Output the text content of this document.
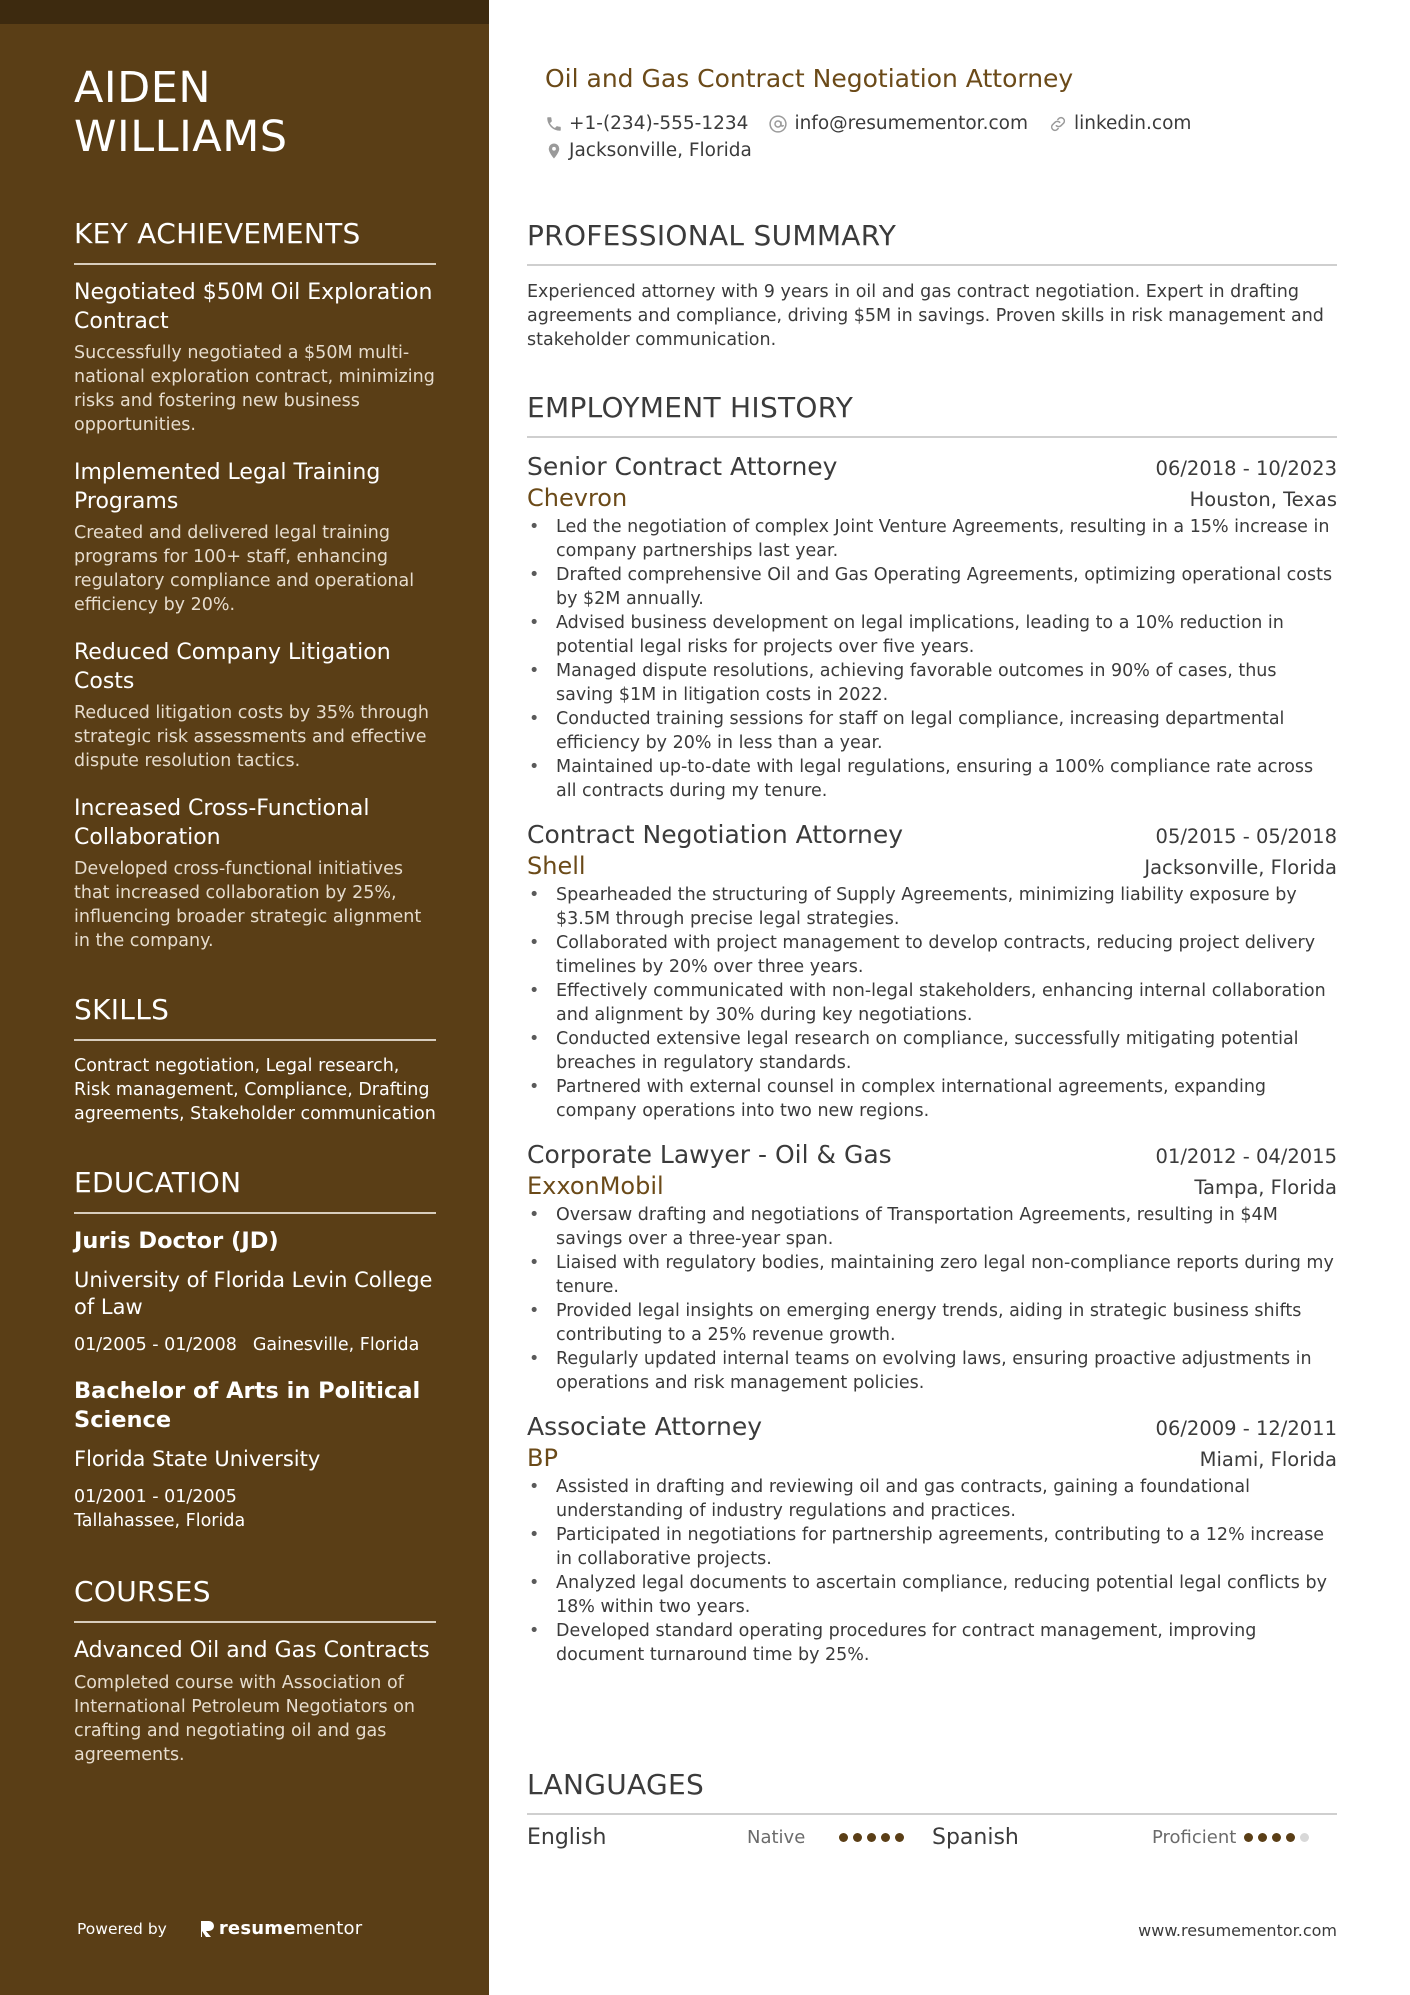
AIDEN
WILLIAMS
KEY ACHIEVEMENTS
Negotiated $50M Oil Exploration Contract
Successfully negotiated a $50M multi-national exploration contract, minimizing risks and fostering new business opportunities.
Implemented Legal Training Programs
Created and delivered legal training programs for 100+ staff, enhancing regulatory compliance and operational efficiency by 20%.
Reduced Company Litigation Costs
Reduced litigation costs by 35% through strategic risk assessments and effective dispute resolution tactics.
Increased Cross-Functional Collaboration
Developed cross-functional initiatives that increased collaboration by 25%, influencing broader strategic alignment in the company.
SKILLS
Contract negotiation, Legal research, Risk management, Compliance, Drafting agreements, Stakeholder communication
EDUCATION
Juris Doctor (JD)
University of Florida Levin College of Law
01/2005 - 01/2008 Gainesville, Florida
Bachelor of Arts in Political Science
Florida State University
01/2001 - 01/2005
Tallahassee, Florida
COURSES
Advanced Oil and Gas Contracts
Completed course with Association of International Petroleum Negotiators on crafting and negotiating oil and gas agreements.
Powered by	resume mentor
Oil and Gas Contract Negotiation Attorney
+1-(234)-555-1234 info@resumementor.com linkedin.com
Jacksonville, Florida
PROFESSIONAL SUMMARY
Experienced attorney with 9 years in oil and gas contract negotiation. Expert in drafting agreements and compliance, driving $5M in savings. Proven skills in risk management and stakeholder communication.
EMPLOYMENT HISTORY
Senior Contract Attorney	06/2018 - 10/2023
Chevron	Houston, Texas
• Led the negotiation of complex Joint Venture Agreements, resulting in a 15% increase in company partnerships last year.
• Drafted comprehensive Oil and Gas Operating Agreements, optimizing operational costs by $2M annually.
• Advised business development on legal implications, leading to a 10% reduction in potential legal risks for projects over five years.
• Managed dispute resolutions, achieving favorable outcomes in 90% of cases, thus saving $1M in litigation costs in 2022.
• Conducted training sessions for staff on legal compliance, increasing departmental efficiency by 20% in less than a year.
• Maintained up-to-date with legal regulations, ensuring a 100% compliance rate across all contracts during my tenure.
Contract Negotiation Attorney	05/2015 - 05/2018
Shell	Jacksonville, Florida
• Spearheaded the structuring of Supply Agreements, minimizing liability exposure by $3.5M through precise legal strategies.
• Collaborated with project management to develop contracts, reducing project delivery timelines by 20% over three years.
• Effectively communicated with non-legal stakeholders, enhancing internal collaboration and alignment by 30% during key negotiations.
• Conducted extensive legal research on compliance, successfully mitigating potential breaches in regulatory standards.
• Partnered with external counsel in complex international agreements, expanding company operations into two new regions.
Corporate Lawyer - Oil & Gas	01/2012 - 04/2015
ExxonMobil	Tampa, Florida
• Oversaw drafting and negotiations of Transportation Agreements, resulting in $4M savings over a three-year span.
• Liaised with regulatory bodies, maintaining zero legal non-compliance reports during my tenure.
• Provided legal insights on emerging energy trends, aiding in strategic business shifts contributing to a 25% revenue growth.
• Regularly updated internal teams on evolving laws, ensuring proactive adjustments in operations and risk management policies.
Associate Attorney	06/2009 - 12/2011
BP	Miami, Florida
• Assisted in drafting and reviewing oil and gas contracts, gaining a foundational understanding of industry regulations and practices.
• Participated in negotiations for partnership agreements, contributing to a 12% increase in collaborative projects.
• Analyzed legal documents to ascertain compliance, reducing potential legal conflicts by 18% within two years.
• Developed standard operating procedures for contract management, improving document turnaround time by 25%.
LANGUAGES
English	Native	Spanish	Proficient
www.resumementor.com
